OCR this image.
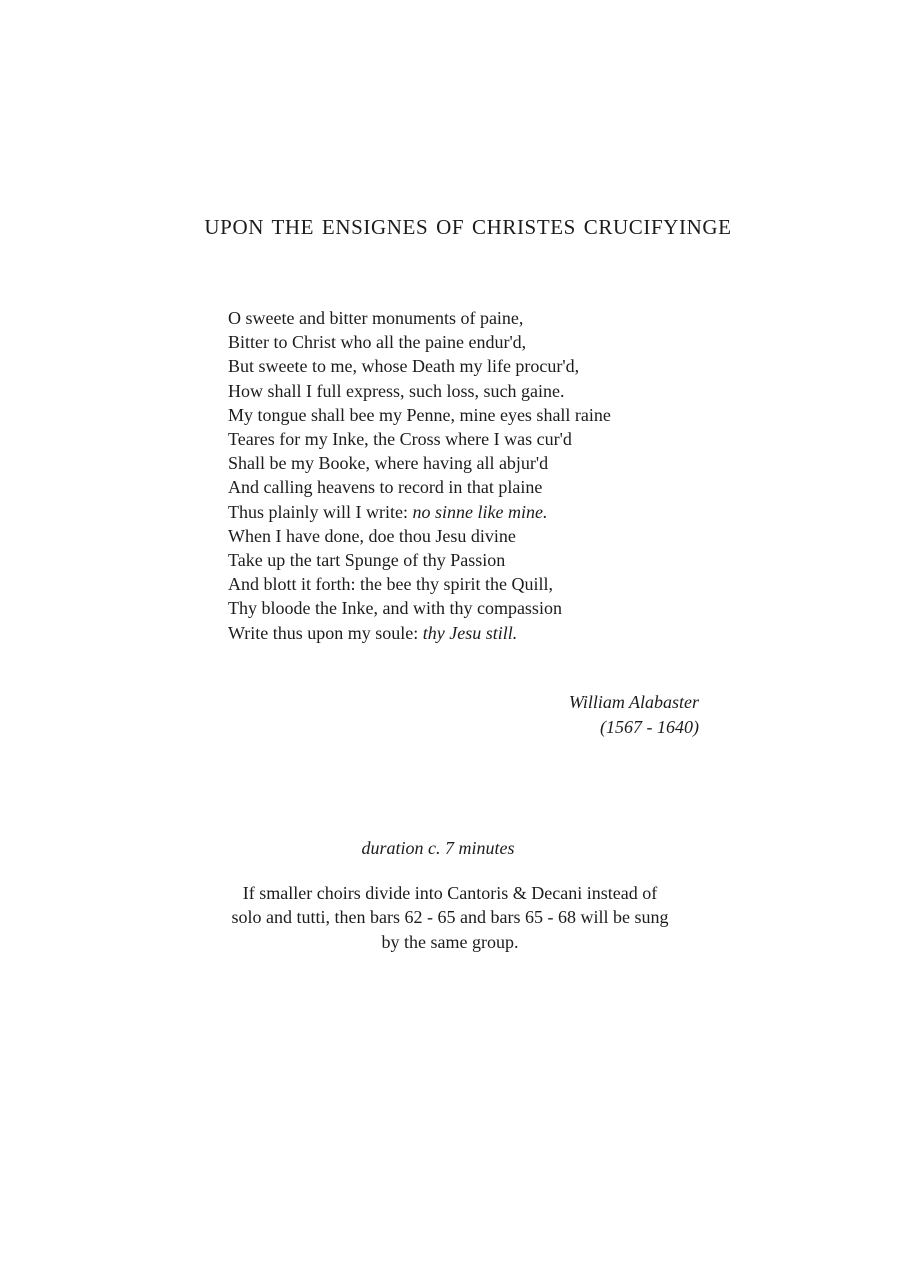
UPON THE ENSIGNES OF CHRISTES CRUCIFYINGE
O sweete and bitter monuments of paine,
Bitter to Christ who all the paine endur'd,
But sweete to me, whose Death my life procur'd,
How shall I full express, such loss, such gaine.
My tongue shall bee my Penne, mine eyes shall raine
Teares for my Inke, the Cross where I was cur'd
Shall be my Booke, where having all abjur'd
And calling heavens to record in that plaine
Thus plainly will I write: no sinne like mine.
When I have done, doe thou Jesu divine
Take up the tart Spunge of thy Passion
And blott it forth: the bee thy spirit the Quill,
Thy bloode the Inke, and with thy compassion
Write thus upon my soule: thy Jesu still.
William Alabaster
(1567 - 1640)
duration c. 7 minutes
If smaller choirs divide into Cantoris & Decani instead of
solo and tutti, then bars 62 - 65 and bars 65 - 68 will be sung
by the same group.
